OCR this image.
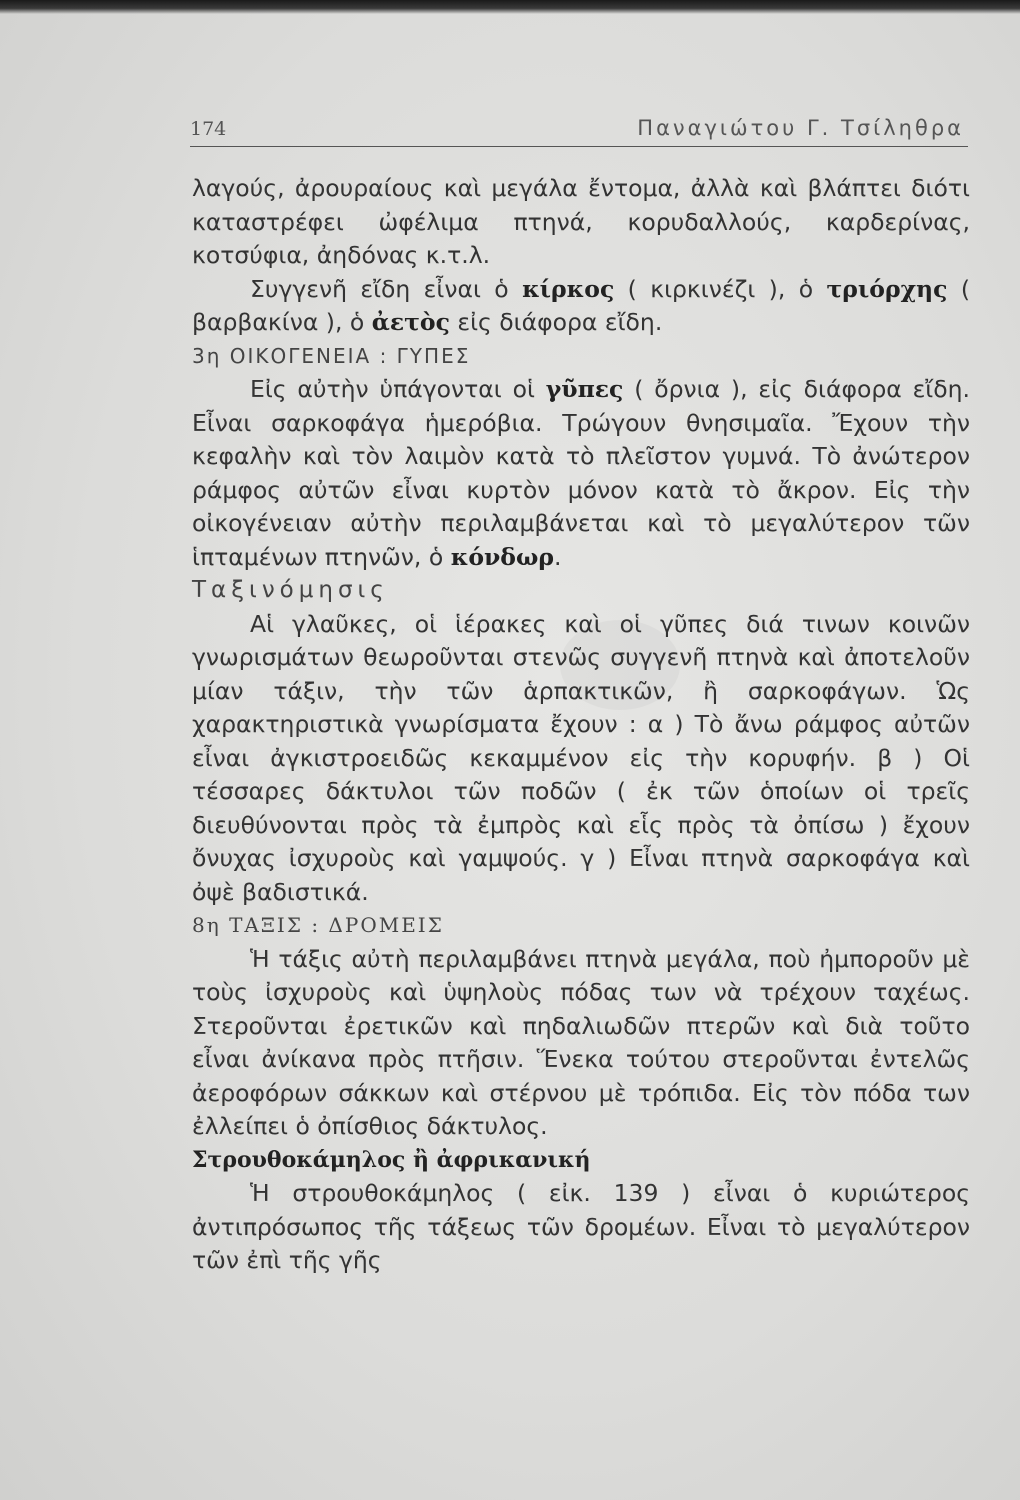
174	Παναγιώτου Γ. Τσίληθρα

λαγούς, ἀρουραίους καὶ μεγάλα ἔντομα, ἀλλὰ καὶ βλάπτει διότι καταστρέφει ὠφέλιμα πτηνά, κορυδαλλούς, καρδερίνας, κοτσύφια, ἀηδόνας κ.τ.λ.

Συγγενῆ εἴδη εἶναι ὁ κίρκος ( κιρκινέζι ), ὁ τριόρχης ( βαρβακίνα ), ὁ ἀετὸς εἰς διάφορα εἴδη.

3η ΟΙΚΟΓΕΝΕΙΑ : ΓΥΠΕΣ

Εἰς αὐτὴν ὑπάγονται οἱ γῦπες ( ὄρνια ), εἰς διάφορα εἴδη. Εἶναι σαρκοφάγα ἡμερόβια. Τρώγουν θνησιμαῖα. Ἔχουν τὴν κεφαλὴν καὶ τὸν λαιμὸν κατὰ τὸ πλεῖστον γυμνά. Τὸ ἀνώτερον ράμφος αὐτῶν εἶναι κυρτὸν μόνον κατὰ τὸ ἄκρον. Εἰς τὴν οἰκογένειαν αὐτὴν περιλαμβάνεται καὶ τὸ μεγαλύτερον τῶν ἱπταμένων πτηνῶν, ὁ κόνδωρ.

Ταξινόμησις

Αἱ γλαῦκες, οἱ ἱέρακες καὶ οἱ γῦπες διά τινων κοινῶν γνωρισμάτων θεωροῦνται στενῶς συγγενῆ πτηνὰ καὶ ἀποτελοῦν μίαν τάξιν, τὴν τῶν ἁρπακτικῶν, ἢ σαρκοφάγων. Ὡς χαρακτηριστικὰ γνωρίσματα ἔχουν : α ) Τὸ ἄνω ράμφος αὐτῶν εἶναι ἀγκιστροειδῶς κεκαμμένον εἰς τὴν κορυφήν. β ) Οἱ τέσσαρες δάκτυλοι τῶν ποδῶν ( ἐκ τῶν ὁποίων οἱ τρεῖς διευθύνονται πρὸς τὰ ἐμπρὸς καὶ εἷς πρὸς τὰ ὀπίσω ) ἔχουν ὄνυχας ἰσχυροὺς καὶ γαμψούς. γ ) Εἶναι πτηνὰ σαρκοφάγα καὶ ὀψὲ βαδιστικά.

8η ΤΑΞΙΣ : ΔΡΟΜΕΙΣ

Ἡ τάξις αὐτὴ περιλαμβάνει πτηνὰ μεγάλα, ποὺ ἠμποροῦν μὲ τοὺς ἰσχυροὺς καὶ ὑψηλοὺς πόδας των νὰ τρέχουν ταχέως. Στεροῦνται ἐρετικῶν καὶ πηδαλιωδῶν πτερῶν καὶ διὰ τοῦτο εἶναι ἀνίκανα πρὸς πτῆσιν. Ἕνεκα τούτου στεροῦνται ἐντελῶς ἀεροφόρων σάκκων καὶ στέρνου μὲ τρόπιδα. Εἰς τὸν πόδα των ἐλλείπει ὁ ὀπίσθιος δάκτυλος.

Στρουθοκάμηλος ἢ ἀφρικανική

Ἡ στρουθοκάμηλος ( εἰκ. 139 ) εἶναι ὁ κυριώτερος ἀντιπρόσωπος τῆς τάξεως τῶν δρομέων. Εἶναι τὸ μεγαλύτερον τῶν ἐπὶ τῆς γῆς
